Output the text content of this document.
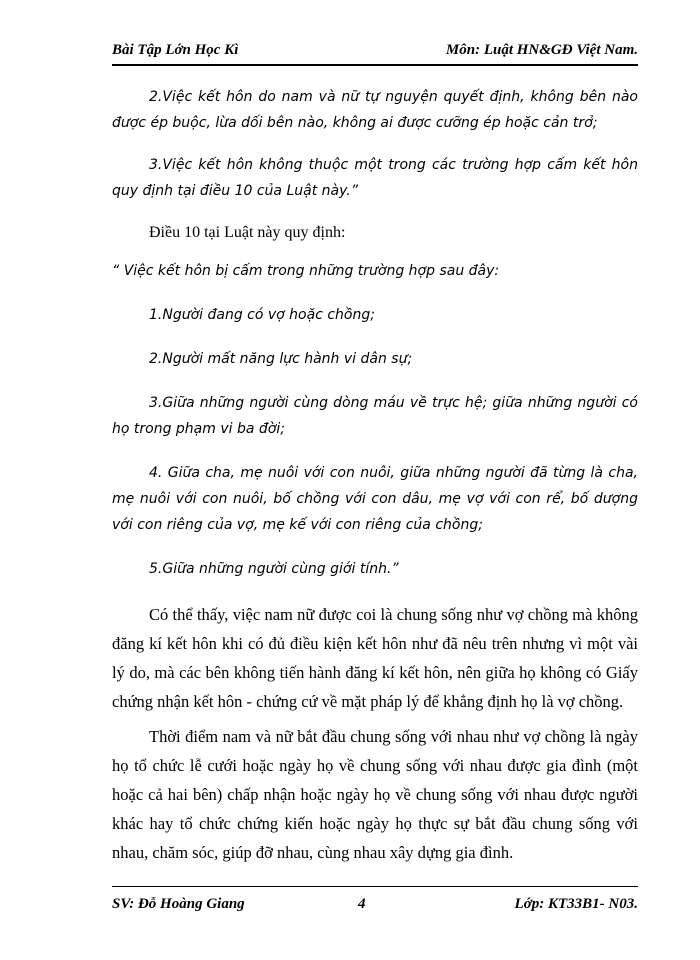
Bài Tập Lớn Học Kì	Môn: Luật HN&GĐ Việt Nam.

2.Việc kết hôn do nam và nữ tự nguyện quyết định, không bên nào được ép buộc, lừa dối bên nào, không ai được cưỡng ép hoặc cản trở;

3.Việc kết hôn không thuộc một trong các trường hợp cấm kết hôn quy định tại điều 10 của Luật này.”

Điều 10 tại Luật này quy định:

“ Việc kết hôn bị cấm trong những trường hợp sau đây:

1.Người đang có vợ hoặc chồng;

2.Người mất năng lực hành vi dân sự;

3.Giữa những người cùng dòng máu về trực hệ; giữa những người có họ trong phạm vi ba đời;

4. Giữa cha, mẹ nuôi với con nuôi, giữa những người đã từng là cha, mẹ nuôi với con nuôi, bố chồng với con dâu, mẹ vợ với con rể, bố dượng với con riêng của vợ, mẹ kế với con riêng của chồng;

5.Giữa những người cùng giới tính.”

Có thể thấy, việc nam nữ được coi là chung sống như vợ chồng mà không đăng kí kết hôn khi có đủ điều kiện kết hôn như đã nêu trên nhưng vì một vài lý do, mà các bên không tiến hành đăng kí kết hôn, nên giữa họ không có Giấy chứng nhận kết hôn - chứng cứ về mặt pháp lý để khẳng định họ là vợ chồng.

Thời điểm nam và nữ bắt đầu chung sống với nhau như vợ chồng là ngày họ tổ chức lễ cưới hoặc ngày họ về chung sống với nhau được gia đình (một hoặc cả hai bên) chấp nhận hoặc ngày họ về chung sống với nhau được người khác hay tổ chức chứng kiến hoặc ngày họ thực sự bắt đầu chung sống với nhau, chăm sóc, giúp đỡ nhau, cùng nhau xây dựng gia đình.

SV: Đỗ Hoàng Giang	4	Lớp: KT33B1- N03.
